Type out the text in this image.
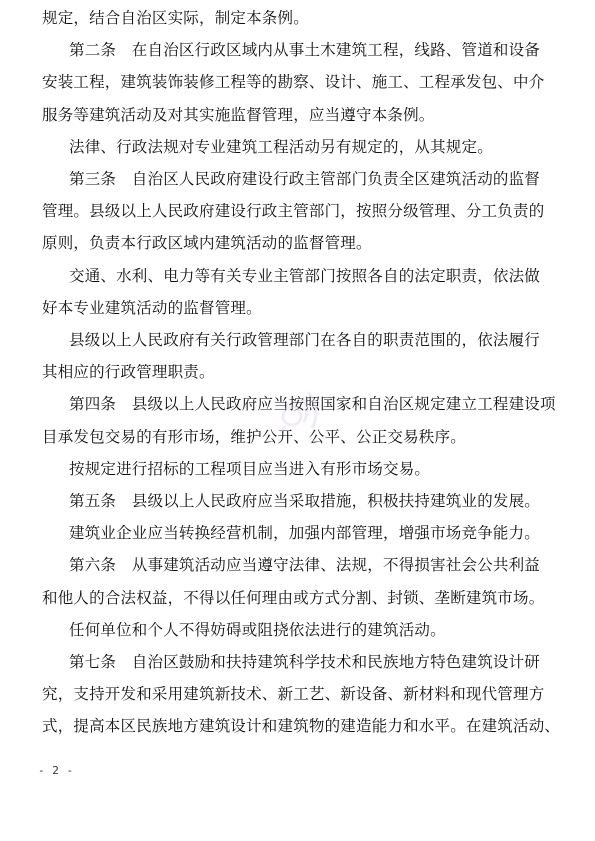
规定，结合自治区实际，制定本条例。
第二条　在自治区行政区域内从事土木建筑工程，线路、管道和设备
安装工程，建筑装饰装修工程等的勘察、设计、施工、工程承发包、中介
服务等建筑活动及对其实施监督管理，应当遵守本条例。
法律、行政法规对专业建筑工程活动另有规定的，从其规定。
第三条　自治区人民政府建设行政主管部门负责全区建筑活动的监督
管理。县级以上人民政府建设行政主管部门，按照分级管理、分工负责的
原则，负责本行政区域内建筑活动的监督管理。
交通、水利、电力等有关专业主管部门按照各自的法定职责，依法做
好本专业建筑活动的监督管理。
县级以上人民政府有关行政管理部门在各自的职责范围的，依法履行
其相应的行政管理职责。
第四条　县级以上人民政府应当按照国家和自治区规定建立工程建设项
目承发包交易的有形市场，维护公开、公平、公正交易秩序。
按规定进行招标的工程项目应当进入有形市场交易。
第五条　县级以上人民政府应当采取措施，积极扶持建筑业的发展。
建筑业企业应当转换经营机制，加强内部管理，增强市场竞争能力。
第六条　从事建筑活动应当遵守法律、法规，不得损害社会公共利益
和他人的合法权益，不得以任何理由或方式分割、封锁、垄断建筑市场。
任何单位和个人不得妨碍或阻挠依法进行的建筑活动。
第七条　自治区鼓励和扶持建筑科学技术和民族地方特色建筑设计研
究，支持开发和采用建筑新技术、新工艺、新设备、新材料和现代管理方
式，提高本区民族地方建筑设计和建筑物的建造能力和水平。在建筑活动、
- 2 -
